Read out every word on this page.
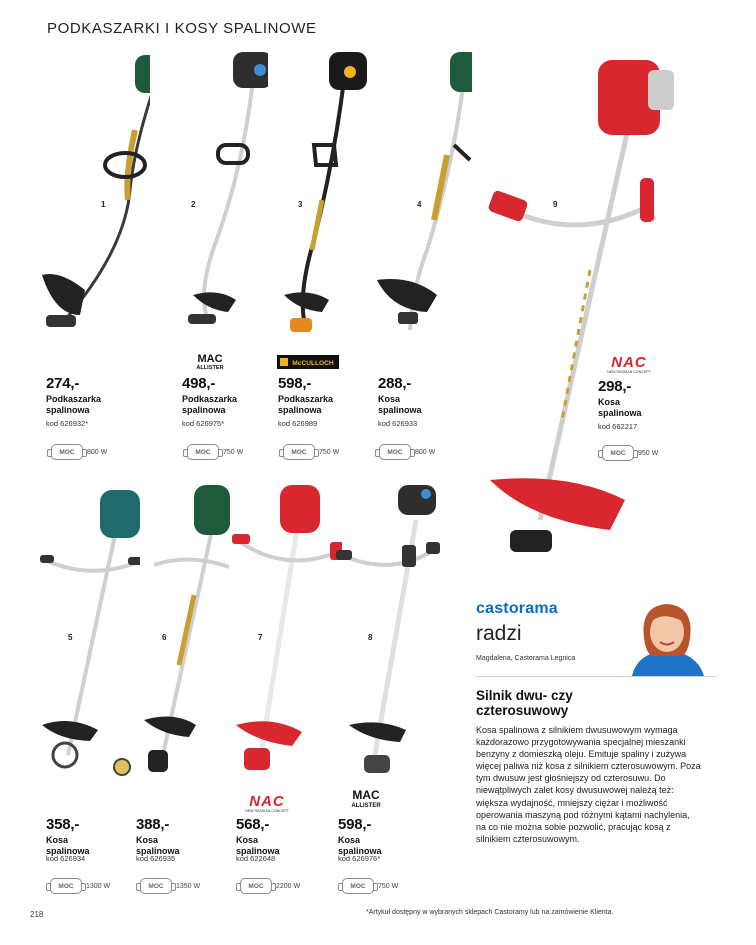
PODKASZARKI I KOSY SPALINOWE
1
274,-
Podkaszarka
spalinowa
kod 626932*
MOC	800 W
2
MAC
ALLISTER
498,-
Podkaszarka
spalinowa
kod 626975*
MOC	750 W
3
McCULLOCH
598,-
Podkaszarka
spalinowa
kod 626989
MOC	750 W
4
288,-
Kosa
spalinowa
kod 626933
MOC	800 W
9
NAC
NEW RASSIAN CONCEPT
298,-
Kosa
spalinowa
kod 662217
MOC	950 W
5
358,-
Kosa
spalinowa
kod 626934
MOC	1300 W
6
388,-
Kosa
spalinowa
kod 626935
MOC	1350 W
7
NAC
NEW RASSIAN CONCEPT
568,-
Kosa
spalinowa
kod 622648
MOC	2200 W
8
MAC
ALLISTER
598,-
Kosa
spalinowa
kod 626976*
MOC	750 W
castorama
radzi
Magdalena, Castorama Legnica
Silnik dwu- czy
czterosuwowy
Kosa spalinowa z silnikiem dwusuwowym wymaga każdorazowo przygotowywania specjalnej mieszanki benzyny z domieszką oleju. Emituje spaliny i zużywa więcej paliwa niż kosa z silnikiem czterosuwowym. Poza tym dwusuw jest głośniejszy od czterosuwu. Do niewątpliwych zalet kosy dwusuwowej należą też: większa wydajność, mniejszy ciężar i możliwość operowania maszyną pod różnymi kątami nachylenia, na co nie można sobie pozwolić, pracując kosą z silnikiem czterosuwowym.
218	*Artykuł dostępny w wybranych sklepach Castoramy lub na zamówienie Klienta.
